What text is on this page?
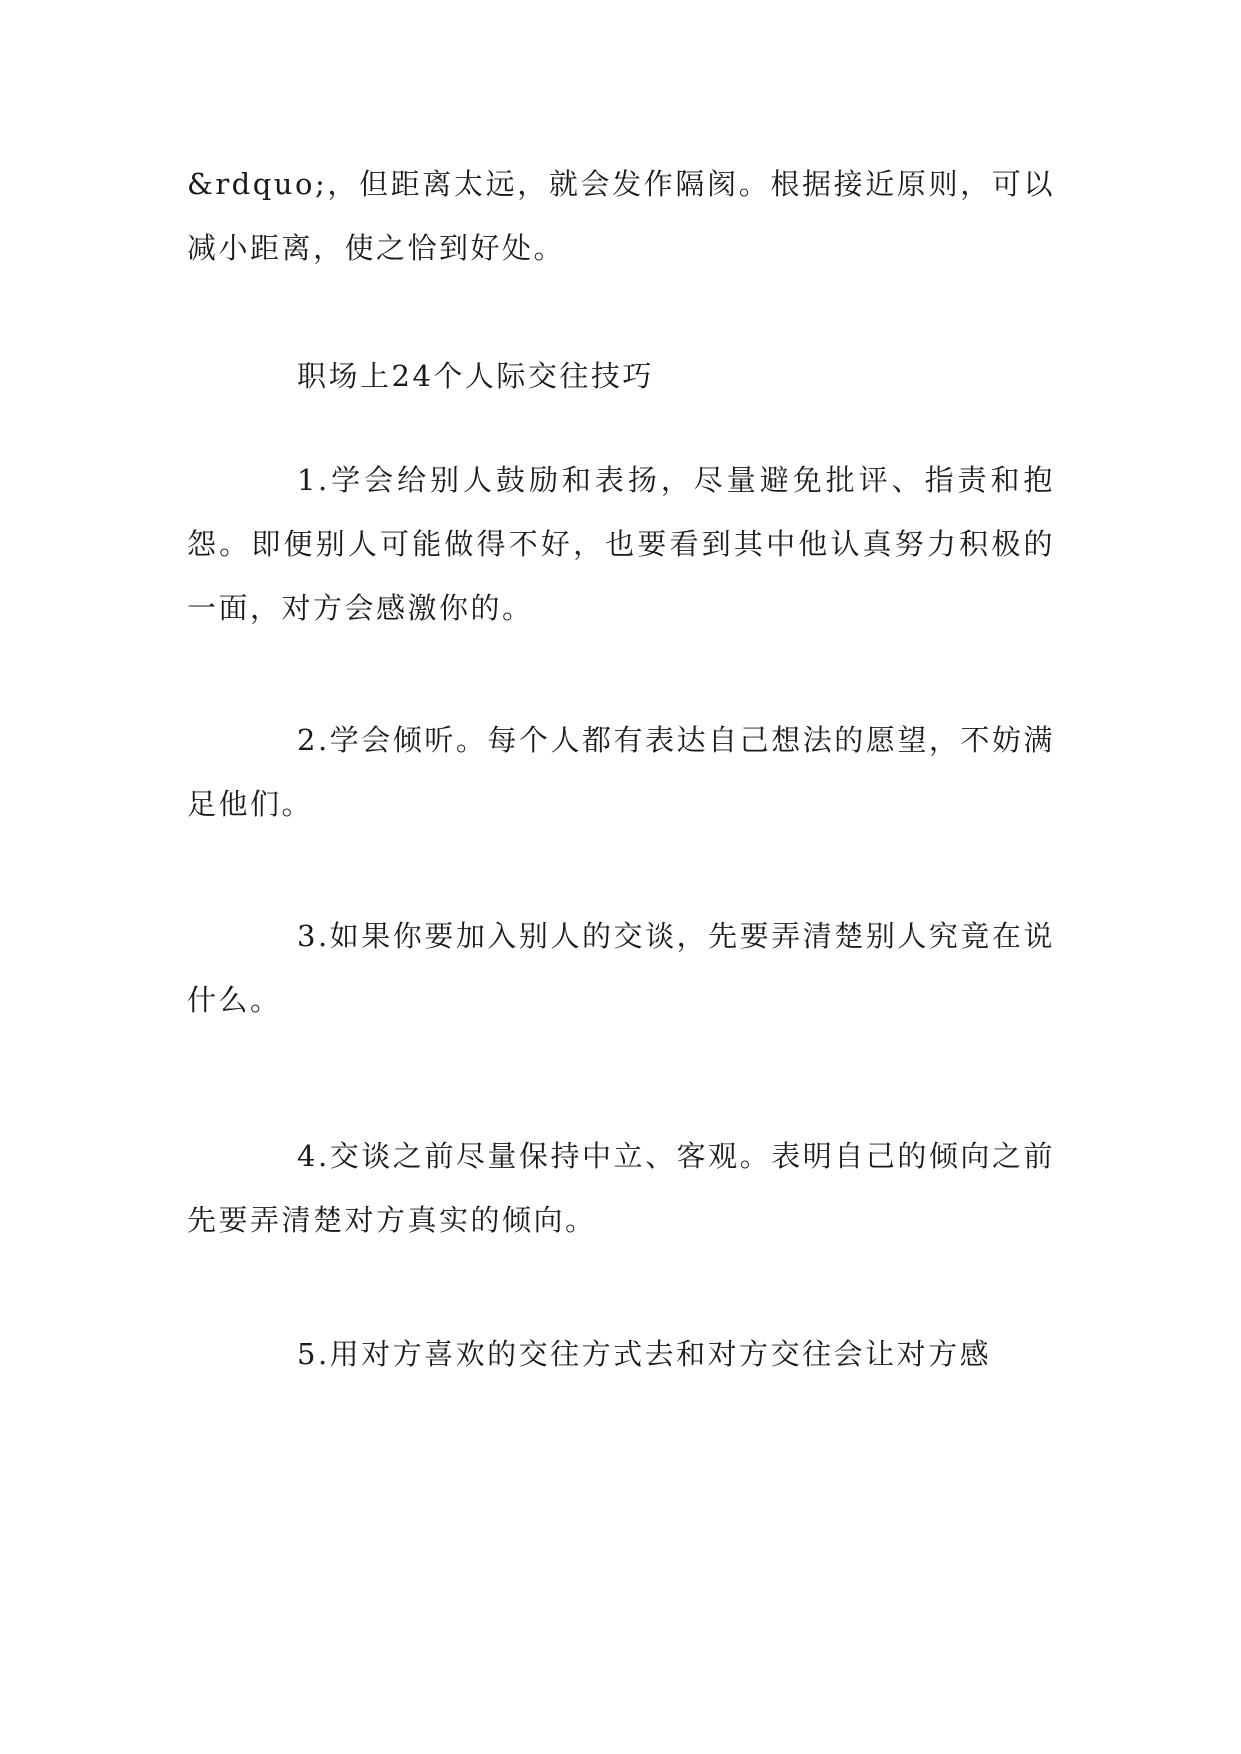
&rdquo;，但距离太远，就会发作隔阂。根据接近原则，可以减小距离，使之恰到好处。

职场上24个人际交往技巧

1.学会给别人鼓励和表扬，尽量避免批评、指责和抱怨。即便别人可能做得不好，也要看到其中他认真努力积极的一面，对方会感激你的。

2.学会倾听。每个人都有表达自己想法的愿望，不妨满足他们。

3.如果你要加入别人的交谈，先要弄清楚别人究竟在说什么。

4.交谈之前尽量保持中立、客观。表明自己的倾向之前先要弄清楚对方真实的倾向。

5.用对方喜欢的交往方式去和对方交往会让对方感
